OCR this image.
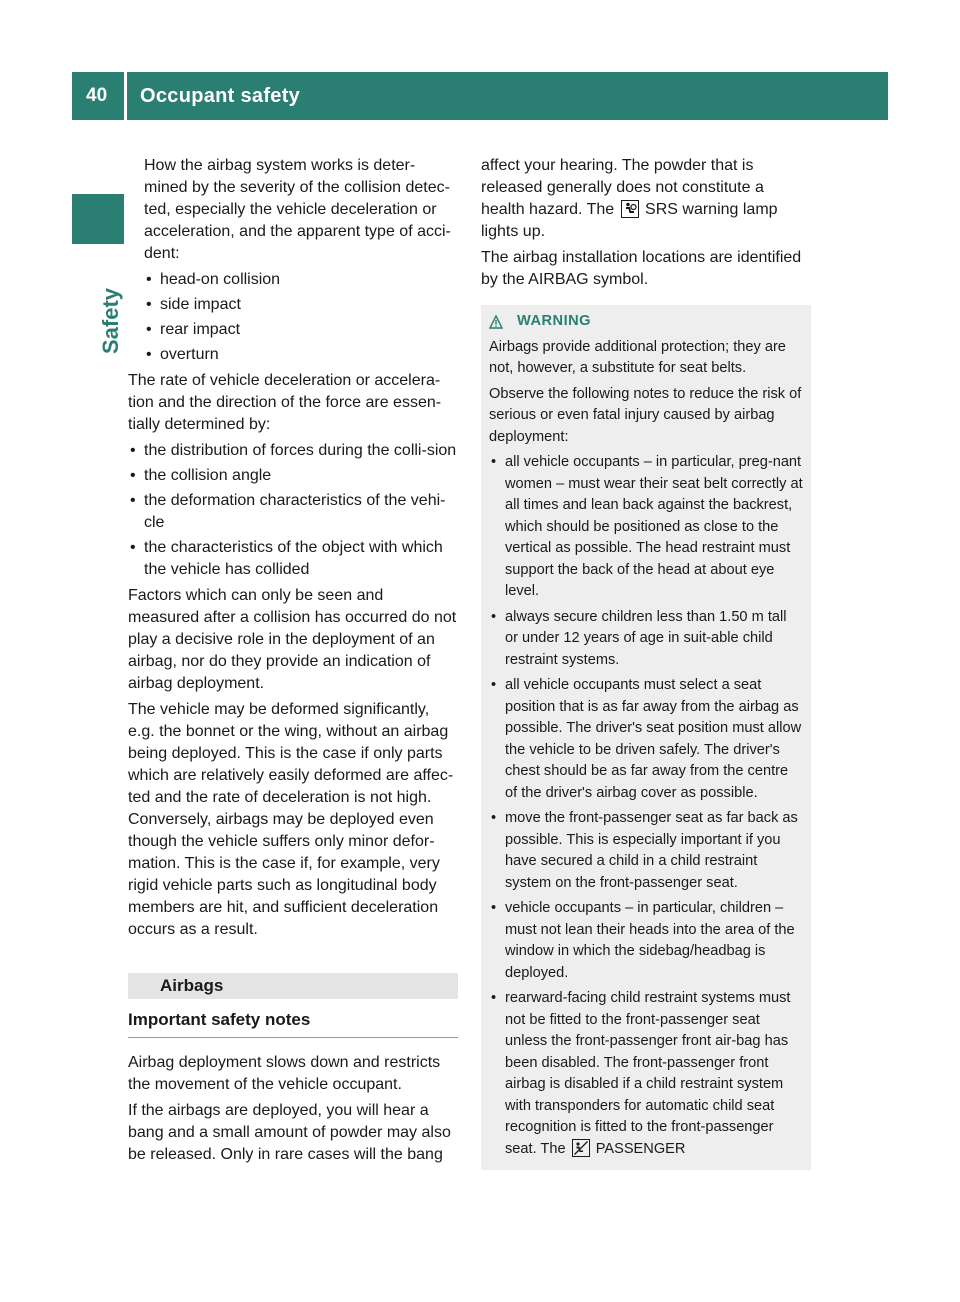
40	Occupant safety
Safety

How the airbag system works is deter-mined by the severity of the collision detec-ted, especially the vehicle deceleration or acceleration, and the apparent type of acci-dent:

• head-on collision
• side impact
• rear impact
• overturn

The rate of vehicle deceleration or accelera-tion and the direction of the force are essen-tially determined by:

• the distribution of forces during the colli-sion
• the collision angle
• the deformation characteristics of the vehi-cle
• the characteristics of the object with which the vehicle has collided

Factors which can only be seen and measured after a collision has occurred do not play a decisive role in the deployment of an airbag, nor do they provide an indication of airbag deployment.

The vehicle may be deformed significantly, e.g. the bonnet or the wing, without an airbag being deployed. This is the case if only parts which are relatively easily deformed are affec-ted and the rate of deceleration is not high. Conversely, airbags may be deployed even though the vehicle suffers only minor defor-mation. This is the case if, for example, very rigid vehicle parts such as longitudinal body members are hit, and sufficient deceleration occurs as a result.

Airbags
Important safety notes

Airbag deployment slows down and restricts the movement of the vehicle occupant.

If the airbags are deployed, you will hear a bang and a small amount of powder may also be released. Only in rare cases will the bang

affect your hearing. The powder that is released generally does not constitute a health hazard. The SRS warning lamp lights up.

The airbag installation locations are identified by the AIRBAG symbol.

WARNING

Airbags provide additional protection; they are not, however, a substitute for seat belts.

Observe the following notes to reduce the risk of serious or even fatal injury caused by airbag deployment:

• all vehicle occupants – in particular, preg-nant women – must wear their seat belt correctly at all times and lean back against the backrest, which should be positioned as close to the vertical as possible. The head restraint must support the back of the head at about eye level.
• always secure children less than 1.50 m tall or under 12 years of age in suit-able child restraint systems.
• all vehicle occupants must select a seat position that is as far away from the airbag as possible. The driver's seat position must allow the vehicle to be driven safely. The driver's chest should be as far away from the centre of the driver's airbag cover as possible.
• move the front-passenger seat as far back as possible. This is especially important if you have secured a child in a child restraint system on the front-passenger seat.
• vehicle occupants – in particular, children – must not lean their heads into the area of the window in which the sidebag/headbag is deployed.
• rearward-facing child restraint systems must not be fitted to the front-passenger seat unless the front-passenger front air-bag has been disabled. The front-passenger front airbag is disabled if a child restraint system with transponders for automatic child seat recognition is fitted to the front-passenger seat. The PASSENGER
